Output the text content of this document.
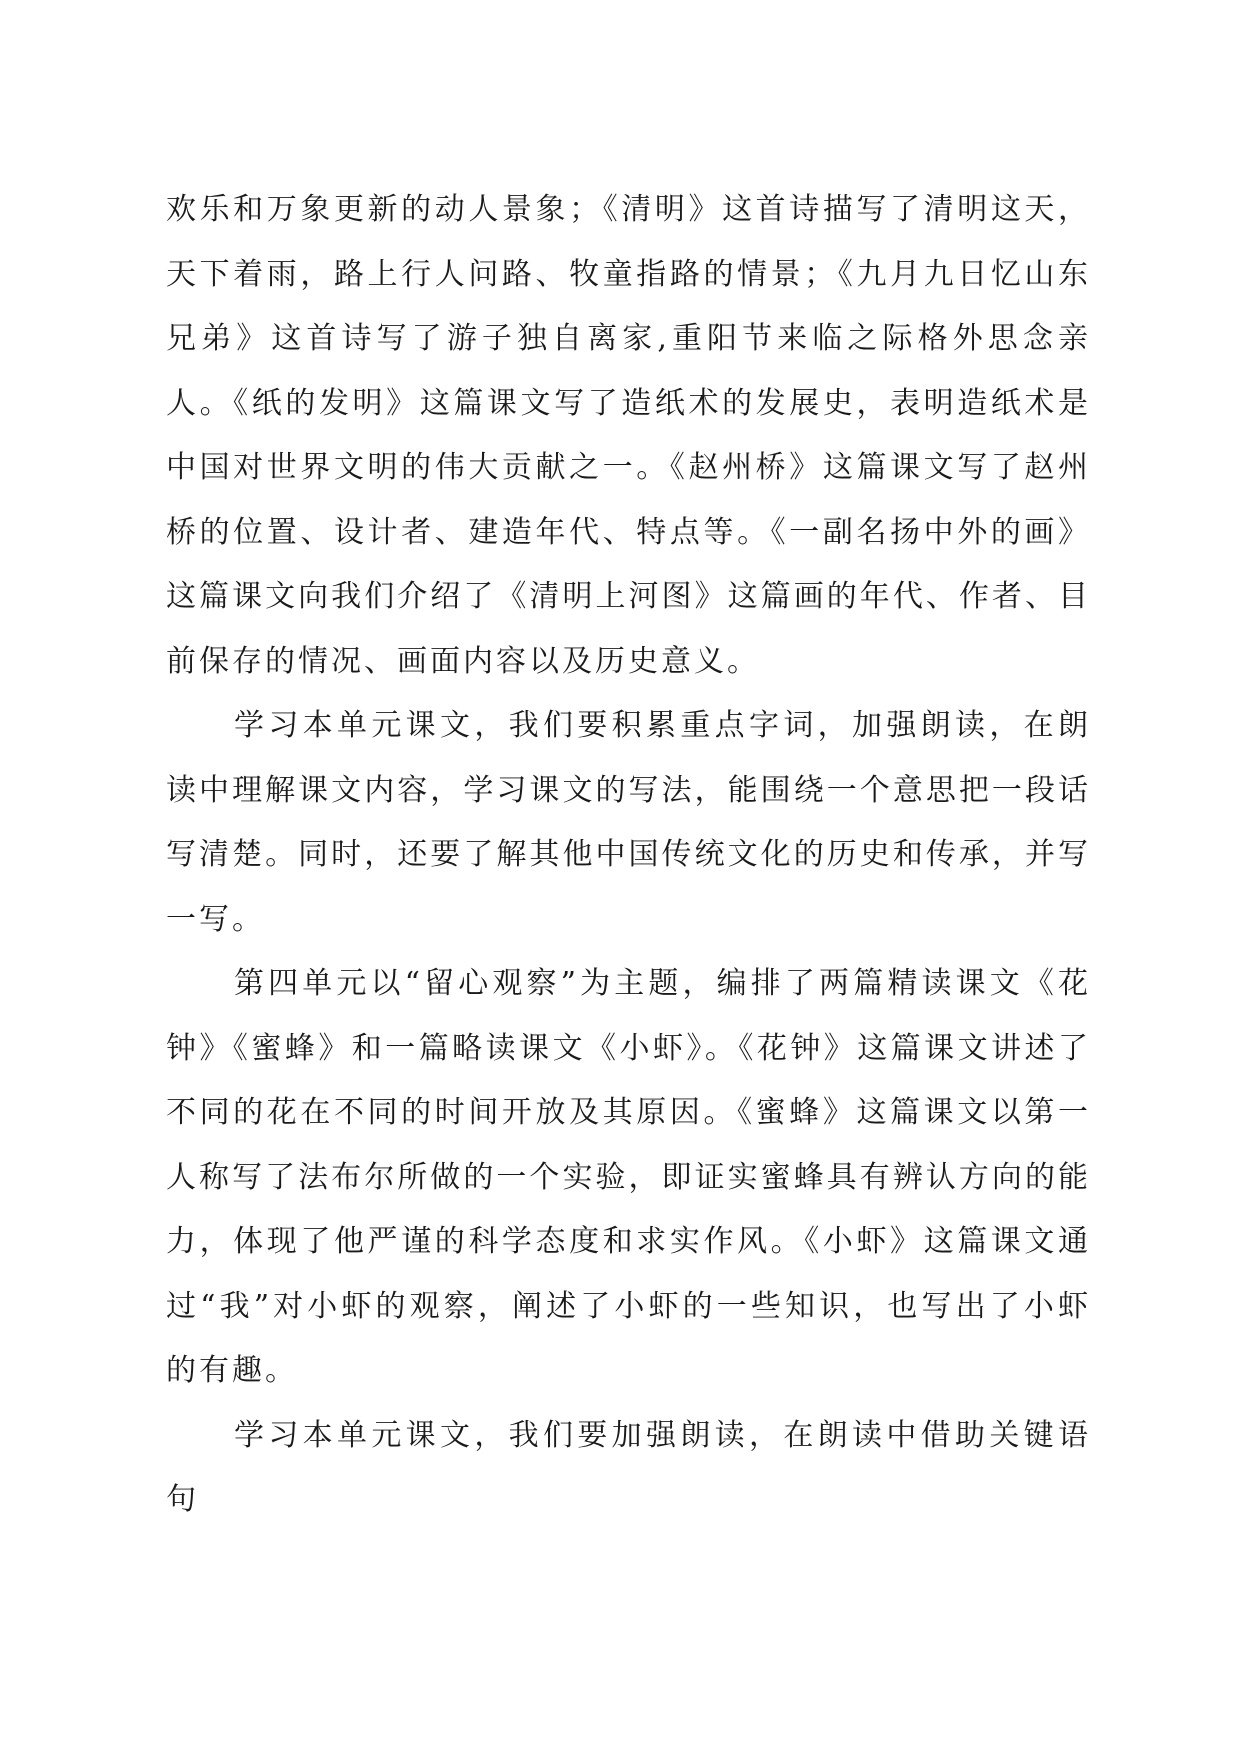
欢乐和万象更新的动人景象；《清明》这首诗描写了清明这天，天下着雨，路上行人问路、牧童指路的情景；《九月九日忆山东兄弟》这首诗写了游子独自离家,重阳节来临之际格外思念亲人。《纸的发明》这篇课文写了造纸术的发展史，表明造纸术是中国对世界文明的伟大贡献之一。《赵州桥》这篇课文写了赵州桥的位置、设计者、建造年代、特点等。《一副名扬中外的画》这篇课文向我们介绍了《清明上河图》这篇画的年代、作者、目前保存的情况、画面内容以及历史意义。

学习本单元课文，我们要积累重点字词，加强朗读，在朗读中理解课文内容，学习课文的写法，能围绕一个意思把一段话写清楚。同时，还要了解其他中国传统文化的历史和传承，并写一写。

第四单元以“留心观察”为主题，编排了两篇精读课文《花钟》《蜜蜂》和一篇略读课文《小虾》。《花钟》这篇课文讲述了不同的花在不同的时间开放及其原因。《蜜蜂》这篇课文以第一人称写了法布尔所做的一个实验，即证实蜜蜂具有辨认方向的能力，体现了他严谨的科学态度和求实作风。《小虾》这篇课文通过“我”对小虾的观察，阐述了小虾的一些知识，也写出了小虾的有趣。

学习本单元课文，我们要加强朗读，在朗读中借助关键语句
